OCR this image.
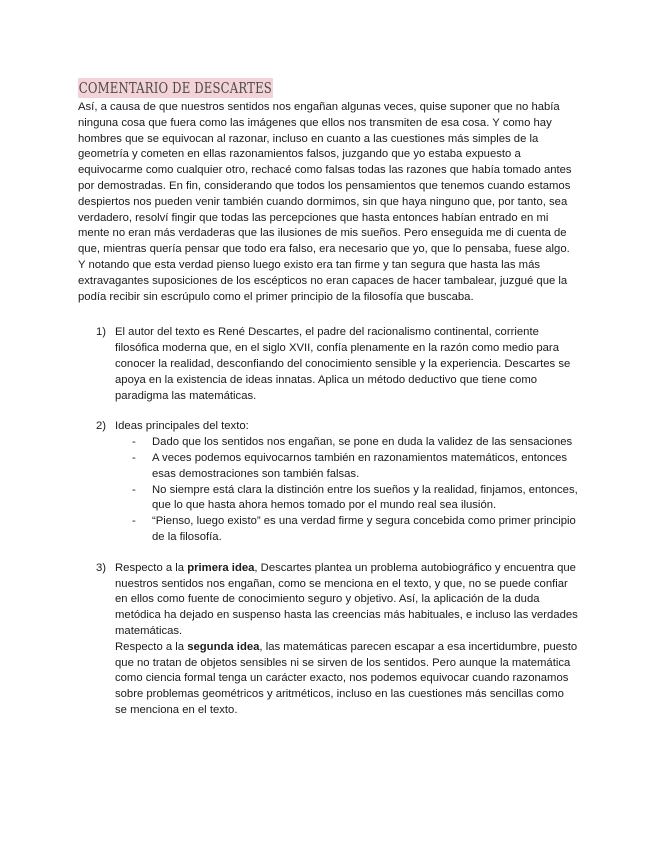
COMENTARIO DE DESCARTES

Así, a causa de que nuestros sentidos nos engañan algunas veces, quise suponer que no había ninguna cosa que fuera como las imágenes que ellos nos transmiten de esa cosa. Y como hay hombres que se equivocan al razonar, incluso en cuanto a las cuestiones más simples de la geometría y cometen en ellas razonamientos falsos, juzgando que yo estaba expuesto a equivocarme como cualquier otro, rechacé como falsas todas las razones que había tomado antes por demostradas. En fin, considerando que todos los pensamientos que tenemos cuando estamos despiertos nos pueden venir también cuando dormimos, sin que haya ninguno que, por tanto, sea verdadero, resolví fingir que todas las percepciones que hasta entonces habían entrado en mi mente no eran más verdaderas que las ilusiones de mis sueños. Pero enseguida me di cuenta de que, mientras quería pensar que todo era falso, era necesario que yo, que lo pensaba, fuese algo. Y notando que esta verdad pienso luego existo era tan firme y tan segura que hasta las más extravagantes suposiciones de los escépticos no eran capaces de hacer tambalear, juzgué que la podía recibir sin escrúpulo como el primer principio de la filosofía que buscaba.

1) El autor del texto es René Descartes, el padre del racionalismo continental, corriente filosófica moderna que, en el siglo XVII, confía plenamente en la razón como medio para conocer la realidad, desconfiando del conocimiento sensible y la experiencia. Descartes se apoya en la existencia de ideas innatas. Aplica un método deductivo que tiene como paradigma las matemáticas.
2) Ideas principales del texto:
- Dado que los sentidos nos engañan, se pone en duda la validez de las sensaciones
- A veces podemos equivocarnos también en razonamientos matemáticos, entonces esas demostraciones son también falsas.
- No siempre está clara la distinción entre los sueños y la realidad, finjamos, entonces, que lo que hasta ahora hemos tomado por el mundo real sea ilusión.
- “Pienso, luego existo” es una verdad firme y segura concebida como primer principio de la filosofía.
3) Respecto a la primera idea, Descartes plantea un problema autobiográfico y encuentra que nuestros sentidos nos engañan, como se menciona en el texto, y que, no se puede confiar en ellos como fuente de conocimiento seguro y objetivo. Así, la aplicación de la duda metódica ha dejado en suspenso hasta las creencias más habituales, e incluso las verdades matemáticas.
Respecto a la segunda idea, las matemáticas parecen escapar a esa incertidumbre, puesto que no tratan de objetos sensibles ni se sirven de los sentidos. Pero aunque la matemática como ciencia formal tenga un carácter exacto, nos podemos equivocar cuando razonamos sobre problemas geométricos y aritméticos, incluso en las cuestiones más sencillas como se menciona en el texto.
